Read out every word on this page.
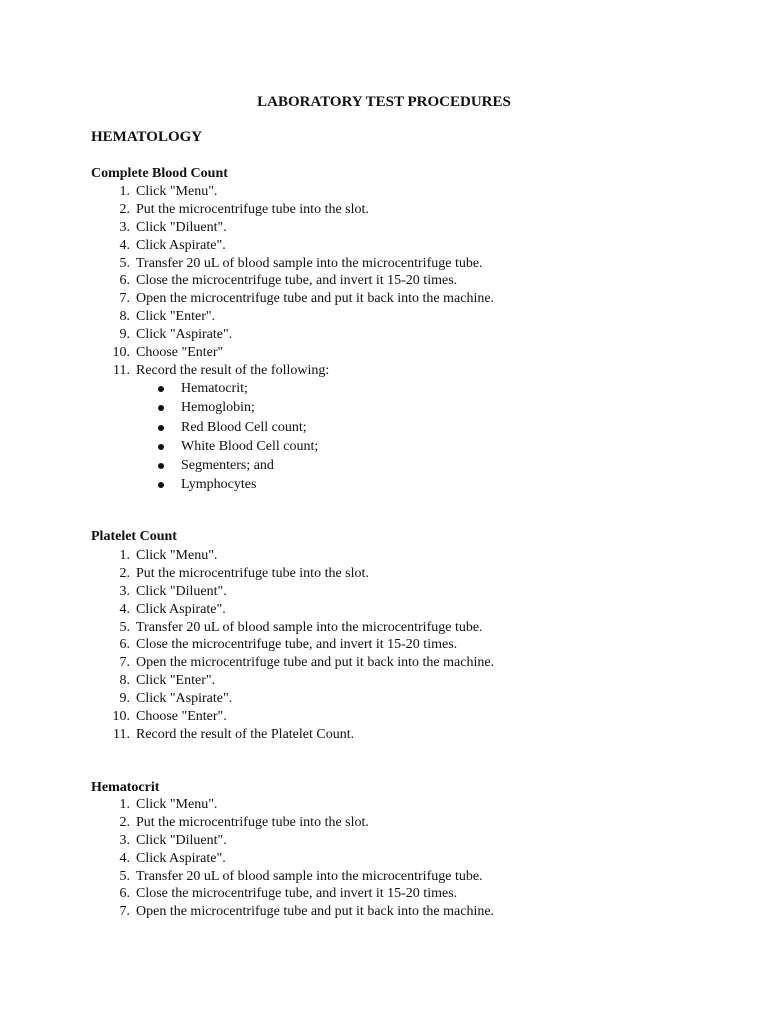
LABORATORY TEST PROCEDURES
HEMATOLOGY
Complete Blood Count
1. Click "Menu".
2. Put the microcentrifuge tube into the slot.
3. Click "Diluent".
4. Click Aspirate".
5. Transfer 20 uL of blood sample into the microcentrifuge tube.
6. Close the microcentrifuge tube, and invert it 15-20 times.
7. Open the microcentrifuge tube and put it back into the machine.
8. Click "Enter".
9. Click "Aspirate".
10. Choose "Enter"
11. Record the result of the following:
Hematocrit;
Hemoglobin;
Red Blood Cell count;
White Blood Cell count;
Segmenters; and
Lymphocytes
Platelet Count
1. Click "Menu".
2. Put the microcentrifuge tube into the slot.
3. Click "Diluent".
4. Click Aspirate".
5. Transfer 20 uL of blood sample into the microcentrifuge tube.
6. Close the microcentrifuge tube, and invert it 15-20 times.
7. Open the microcentrifuge tube and put it back into the machine.
8. Click "Enter".
9. Click "Aspirate".
10. Choose "Enter".
11. Record the result of the Platelet Count.
Hematocrit
1. Click "Menu".
2. Put the microcentrifuge tube into the slot.
3. Click "Diluent".
4. Click Aspirate".
5. Transfer 20 uL of blood sample into the microcentrifuge tube.
6. Close the microcentrifuge tube, and invert it 15-20 times.
7. Open the microcentrifuge tube and put it back into the machine.
